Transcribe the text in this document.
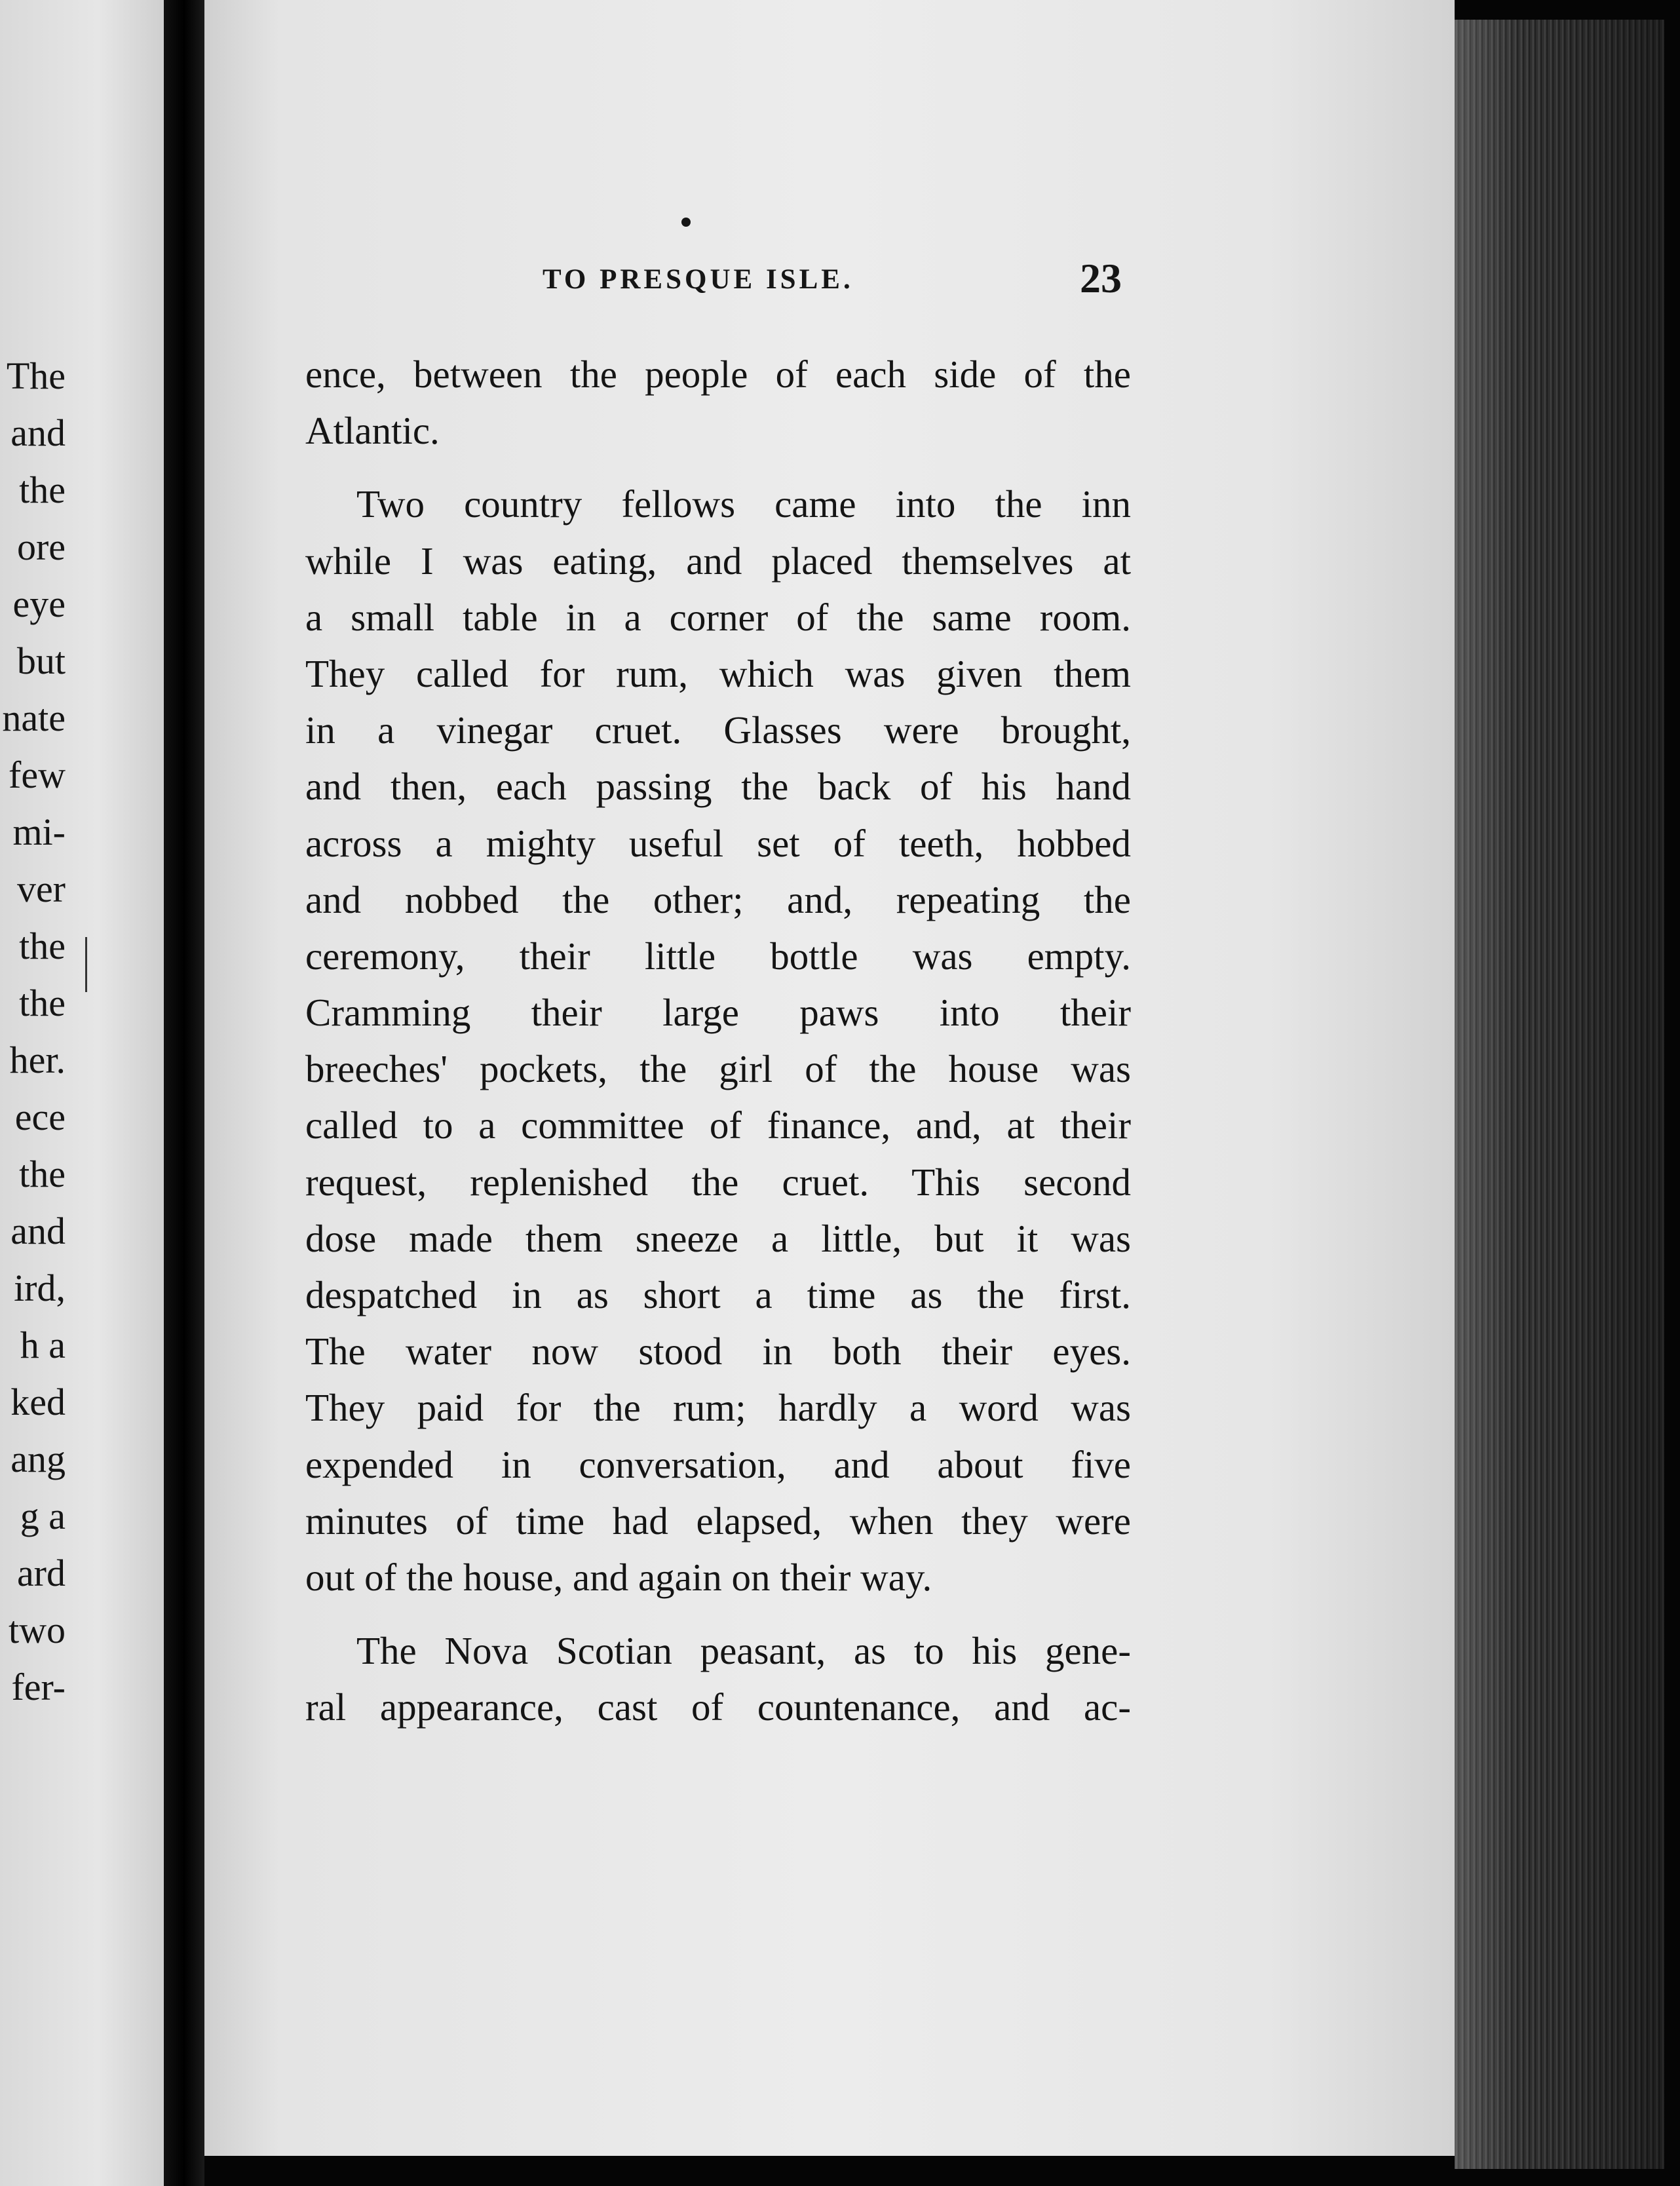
The
and
the
ore
eye
but
nate
few
mi-
ver
the
the
her.
ece
the
and
ird,
h a
ked
ang
g a
ard
two
fer-
TO PRESQUE ISLE.	23
ence, between the people of each side of the
Atlantic.
Two country fellows came into the inn
while I was eating, and placed themselves at
a small table in a corner of the same room.
They called for rum, which was given them
in a vinegar cruet. Glasses were brought,
and then, each passing the back of his hand
across a mighty useful set of teeth, hobbed
and nobbed the other; and, repeating the
ceremony, their little bottle was empty.
Cramming their large paws into their
breeches' pockets, the girl of the house was
called to a committee of finance, and, at their
request, replenished the cruet. This second
dose made them sneeze a little, but it was
despatched in as short a time as the first.
The water now stood in both their eyes.
They paid for the rum; hardly a word was
expended in conversation, and about five
minutes of time had elapsed, when they were
out of the house, and again on their way.
The Nova Scotian peasant, as to his gene-
ral appearance, cast of countenance, and ac-
